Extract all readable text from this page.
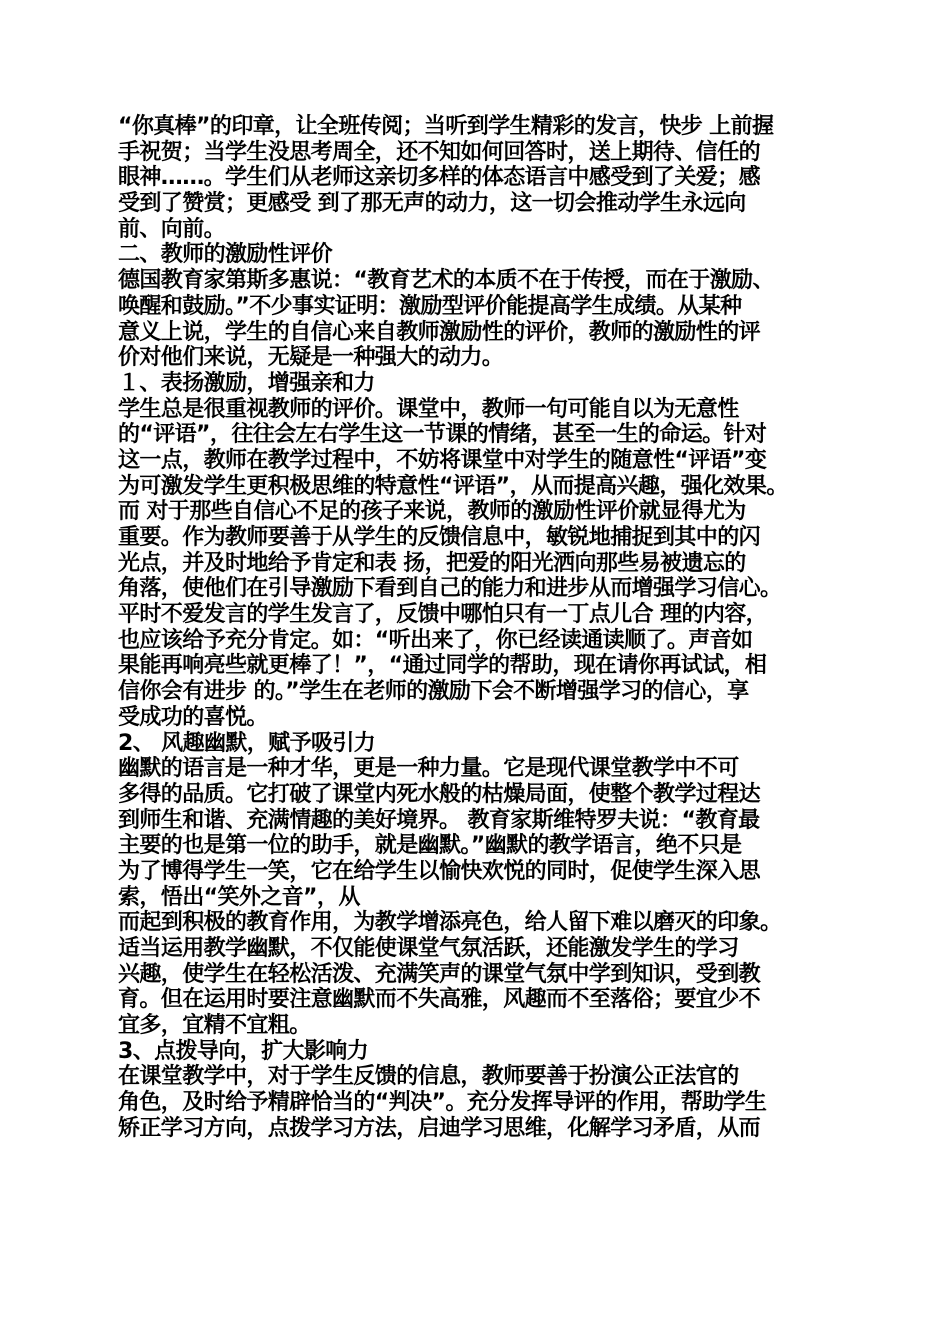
“你真棒”的印章，让全班传阅；当听到学生精彩的发言，快步 上前握
手祝贺；当学生没思考周全，还不知如何回答时，送上期待、信任的
眼神……。学生们从老师这亲切多样的体态语言中感受到了关爱；感
受到了赞赏；更感受 到了那无声的动力，这一切会推动学生永远向
前、向前。
二、教师的激励性评价
德国教育家第斯多惠说：“教育艺术的本质不在于传授，而在于激励、
唤醒和鼓励。”不少事实证明：激励型评价能提高学生成绩。从某种
意义上说，学生的自信心来自教师激励性的评价，教师的激励性的评
价对他们来说，无疑是一种强大的动力。
１、表扬激励，增强亲和力
学生总是很重视教师的评价。课堂中，教师一句可能自以为无意性
的“评语”，往往会左右学生这一节课的情绪，甚至一生的命运。针对
这一点，教师在教学过程中，不妨将课堂中对学生的随意性“评语”变
为可激发学生更积极思维的特意性“评语”，从而提高兴趣，强化效果。
而 对于那些自信心不足的孩子来说，教师的激励性评价就显得尤为
重要。作为教师要善于从学生的反馈信息中，敏锐地捕捉到其中的闪
光点，并及时地给予肯定和表 扬，把爱的阳光洒向那些易被遗忘的
角落，使他们在引导激励下看到自己的能力和进步从而增强学习信心。
平时不爱发言的学生发言了，反馈中哪怕只有一丁点儿合 理的内容，
也应该给予充分肯定。如：“听出来了，你已经读通读顺了。声音如
果能再响亮些就更棒了！”，“通过同学的帮助，现在请你再试试，相
信你会有进步 的。”学生在老师的激励下会不断增强学习的信心，享
受成功的喜悦。
2、 风趣幽默，赋予吸引力
幽默的语言是一种才华，更是一种力量。它是现代课堂教学中不可
多得的品质。它打破了课堂内死水般的枯燥局面，使整个教学过程达
到师生和谐、充满情趣的美好境界。 教育家斯维特罗夫说：“教育最
主要的也是第一位的助手，就是幽默。”幽默的教学语言，绝不只是
为了博得学生一笑，它在给学生以愉快欢悦的同时，促使学生深入思
索，悟出“笑外之音”，从
而起到积极的教育作用，为教学增添亮色，给人留下难以磨灭的印象。
适当运用教学幽默，不仅能使课堂气氛活跃，还能激发学生的学习
兴趣，使学生在轻松活泼、充满笑声的课堂气氛中学到知识，受到教
育。但在运用时要注意幽默而不失高雅，风趣而不至落俗；要宜少不
宜多，宜精不宜粗。
3、点拨导向，扩大影响力
在课堂教学中，对于学生反馈的信息，教师要善于扮演公正法官的
角色，及时给予精辟恰当的“判决”。充分发挥导评的作用，帮助学生
矫正学习方向，点拨学习方法，启迪学习思维，化解学习矛盾，从而
